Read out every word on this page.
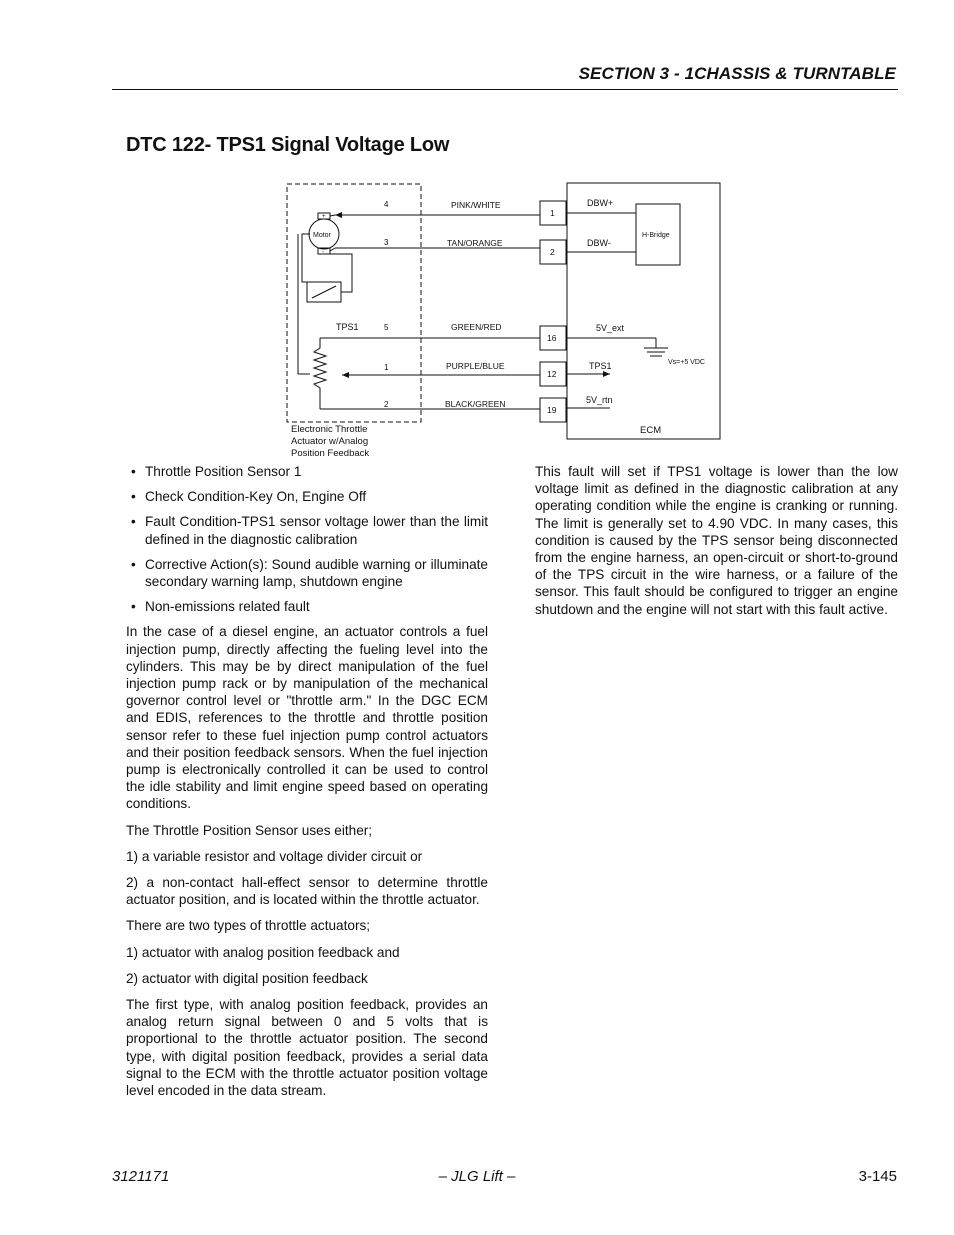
SECTION 3 - 1CHASSIS & TURNTABLE
DTC 122- TPS1 Signal Voltage Low
Motor
+
-
TPS1
4
3
5
1
2
PINK/WHITE
TAN/ORANGE
GREEN/RED
PURPLE/BLUE
BLACK/GREEN
1
2
16
12
19
DBW+
DBW-
5V_ext
TPS1
5V_rtn
H-Bridge
Vs=+5 VDC
ECM
Electronic Throttle
Actuator w/Analog
Position Feedback
• Throttle Position Sensor 1
• Check Condition-Key On, Engine Off
• Fault Condition-TPS1 sensor voltage lower than the limit defined in the diagnostic calibration
• Corrective Action(s): Sound audible warning or illuminate secondary warning lamp, shutdown engine
• Non-emissions related fault

In the case of a diesel engine, an actuator controls a fuel injection pump, directly affecting the fueling level into the cylinders. This may be by direct manipulation of the fuel injection pump rack or by manipulation of the mechanical governor control level or "throttle arm." In the DGC ECM and EDIS, references to the throttle and throttle position sensor refer to these fuel injection pump control actuators and their position feedback sensors. When the fuel injection pump is electronically controlled it can be used to control the idle stability and limit engine speed based on operating conditions.

The Throttle Position Sensor uses either;

1) a variable resistor and voltage divider circuit or

2) a non-contact hall-effect sensor to determine throttle actuator position, and is located within the throttle actuator.

There are two types of throttle actuators;

1) actuator with analog position feedback and

2) actuator with digital position feedback

The first type, with analog position feedback, provides an analog return signal between 0 and 5 volts that is proportional to the throttle actuator position. The second type, with digital position feedback, provides a serial data signal to the ECM with the throttle actuator position voltage level encoded in the data stream.

This fault will set if TPS1 voltage is lower than the low voltage limit as defined in the diagnostic calibration at any operating condition while the engine is cranking or running. The limit is generally set to 4.90 VDC. In many cases, this condition is caused by the TPS sensor being disconnected from the engine harness, an open-circuit or short-to-ground of the TPS circuit in the wire harness, or a failure of the sensor. This fault should be configured to trigger an engine shutdown and the engine will not start with this fault active.

3121171	– JLG Lift –	3-145
